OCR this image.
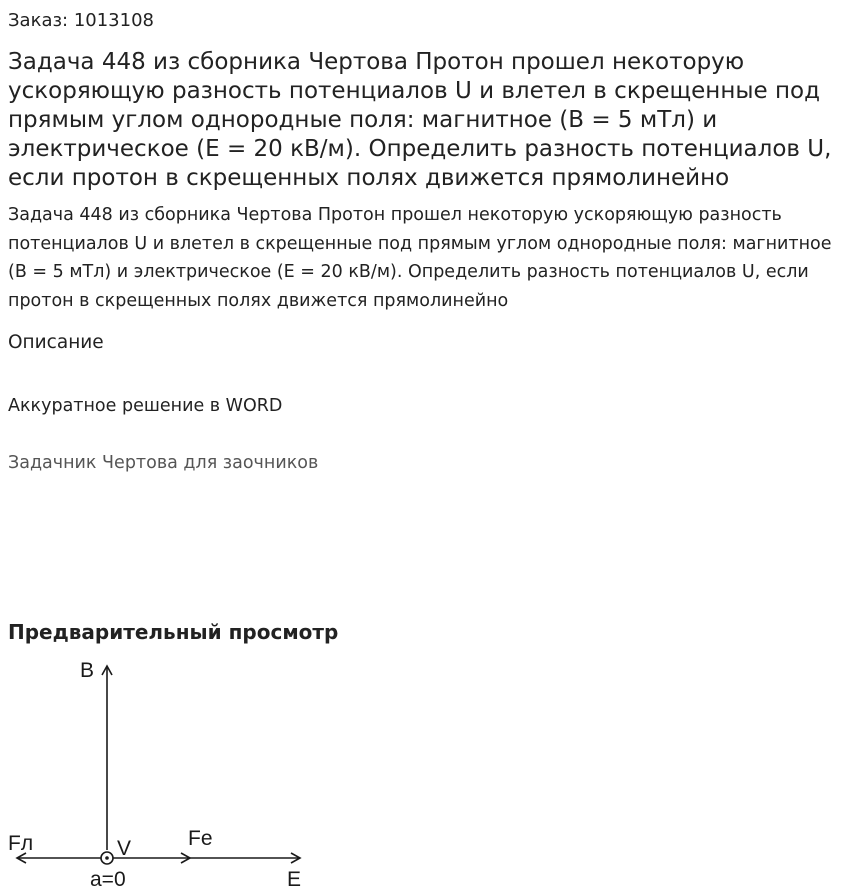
Заказ: 1013108
Задача 448 из сборника Чертова Протон прошел некоторую ускоряющую разность потенциалов U и влетел в скрещенные под прямым углом однородные поля: магнитное (B = 5 мТл) и электрическое (E = 20 кВ/м). Определить разность потенциалов U, если протон в скрещенных полях движется прямолинейно

Задача 448 из сборника Чертова Протон прошел некоторую ускоряющую разность потенциалов U и влетел в скрещенные под прямым углом однородные поля: магнитное (B = 5 мТл) и электрическое (E = 20 кВ/м). Определить разность потенциалов U, если протон в скрещенных полях движется прямолинейно

Описание
Аккуратное решение в WORD
Задачник Чертова для заочников
Предварительный просмотр
B
Fл	V	Fe
a=0	E
